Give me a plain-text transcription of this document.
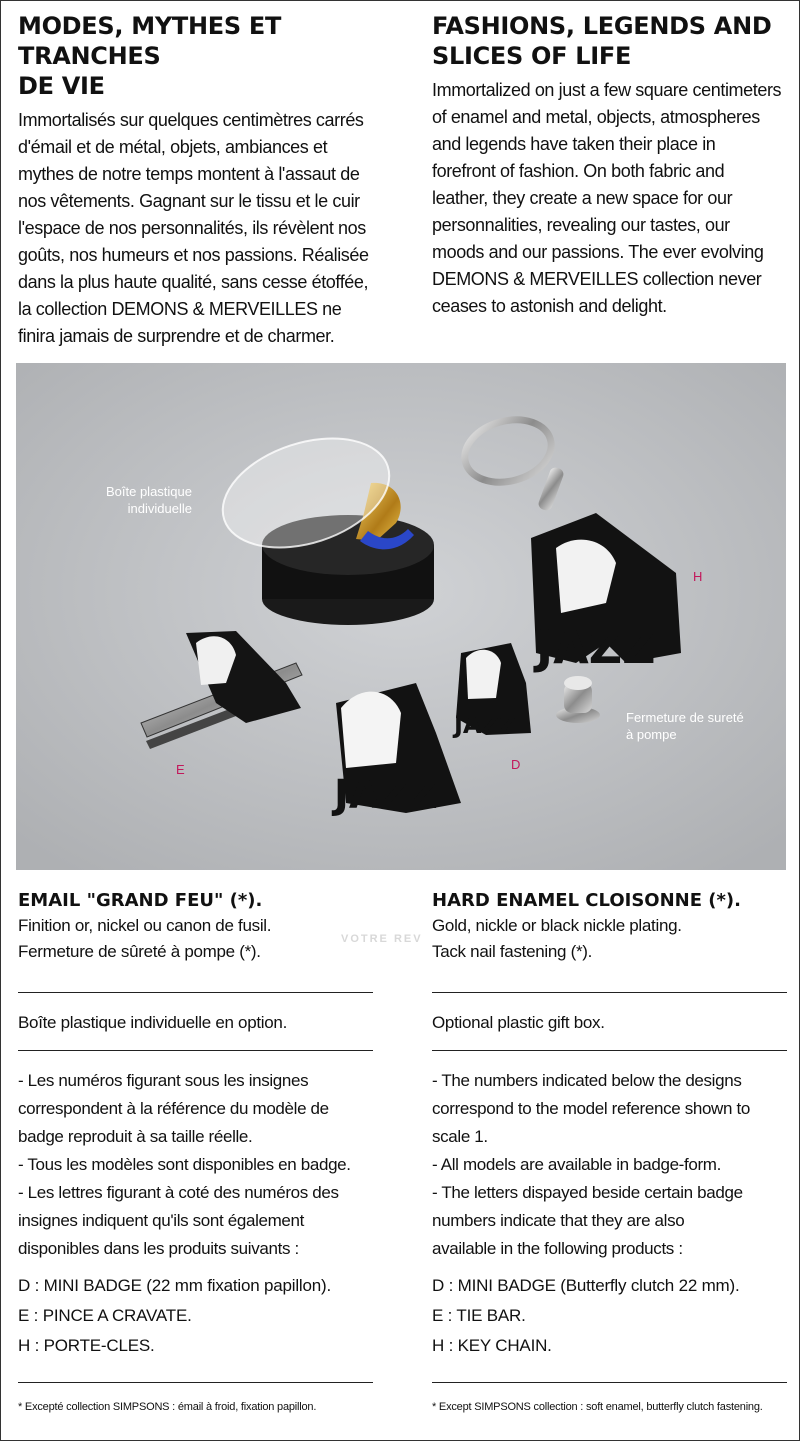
MODES, MYTHES ET TRANCHES
DE VIE

Immortalisés sur quelques centimètres carrés
d'émail et de métal, objets, ambiances et
mythes de notre temps montent à l'assaut de
nos vêtements. Gagnant sur le tissu et le cuir
l'espace de nos personnalités, ils révèlent nos
goûts, nos humeurs et nos passions. Réalisée
dans la plus haute qualité, sans cesse étoffée,
la collection DEMONS & MERVEILLES ne
finira jamais de surprendre et de charmer.

FASHIONS, LEGENDS AND
SLICES OF LIFE

Immortalized on just a few square centimeters
of enamel and metal, objects, atmospheres
and legends have taken their place in
forefront of fashion. On both fabric and
leather, they create a new space for our
personnalities, revealing our tastes, our
moods and our passions. The ever evolving
DEMONS & MERVEILLES collection never
ceases to astonish and delight.

JAZZ
JAZZ
JAZZ
Boîte plastique
individuelle
Fermeture de sureté
à pompe
H
E	D
VOTRE REV
EMAIL "GRAND FEU" (*).

Finition or, nickel ou canon de fusil.

Fermeture de sûreté à pompe (*).

Boîte plastique individuelle en option.

- Les numéros figurant sous les insignes
correspondent à la référence du modèle de
badge reproduit à sa taille réelle.
- Tous les modèles sont disponibles en badge.
- Les lettres figurant à coté des numéros des
insignes indiquent qu'ils sont également
disponibles dans les produits suivants :

D : MINI BADGE (22 mm fixation papillon).
E : PINCE A CRAVATE.
H : PORTE-CLES.

* Excepté collection SIMPSONS : émail à froid, fixation papillon.

HARD ENAMEL CLOISONNE (*).

Gold, nickle or black nickle plating.

Tack nail fastening (*).

Optional plastic gift box.

- The numbers indicated below the designs
correspond to the model reference shown to
scale 1.
- All models are available in badge-form.
- The letters dispayed beside certain badge
numbers indicate that they are also
available in the following products :

D : MINI BADGE (Butterfly clutch 22 mm).
E : TIE BAR.
H : KEY CHAIN.

* Except SIMPSONS collection : soft enamel, butterfly clutch fastening.
